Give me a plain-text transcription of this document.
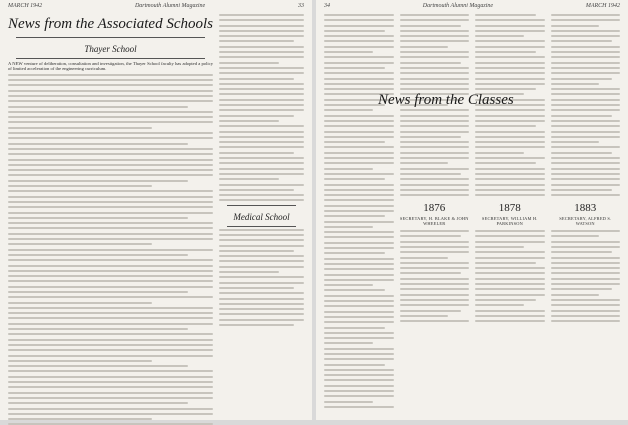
MARCH 1942	Dartmouth Alumni Magazine	33
News from the Associated Schools
Thayer School

A NEW venture of deliberation, consultation and investigation, the Thayer School faculty has adopted a policy of limited acceleration of the engineering curriculum.

Medical School
34	Dartmouth Alumni Magazine	MARCH 1942
1876
SECRETARY, H. BLAKE & JOHN WHEELER
1878
SECRETARY, WILLIAM H. PARKINSON
1883
SECRETARY, ALFRED S. WATSON
News from the Classes
